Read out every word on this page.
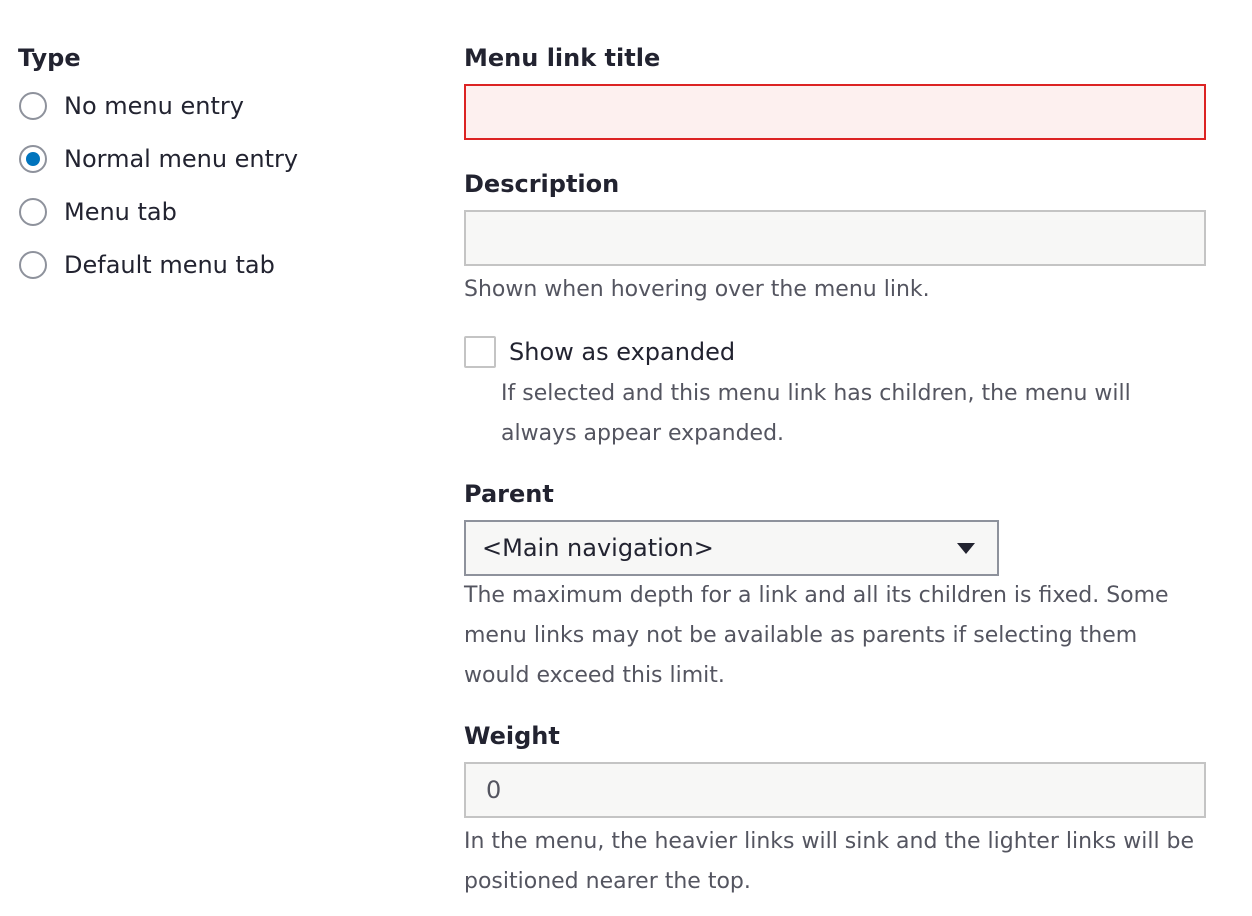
Type
No menu entry
Normal menu entry
Menu tab
Default menu tab
Menu link title
Description
Shown when hovering over the menu link.
Show as expanded
If selected and this menu link has children, the menu will always appear expanded.
Parent
<Main navigation>
The maximum depth for a link and all its children is fixed. Some menu links may not be available as parents if selecting them would exceed this limit.
Weight
0
In the menu, the heavier links will sink and the lighter links will be positioned nearer the top.
